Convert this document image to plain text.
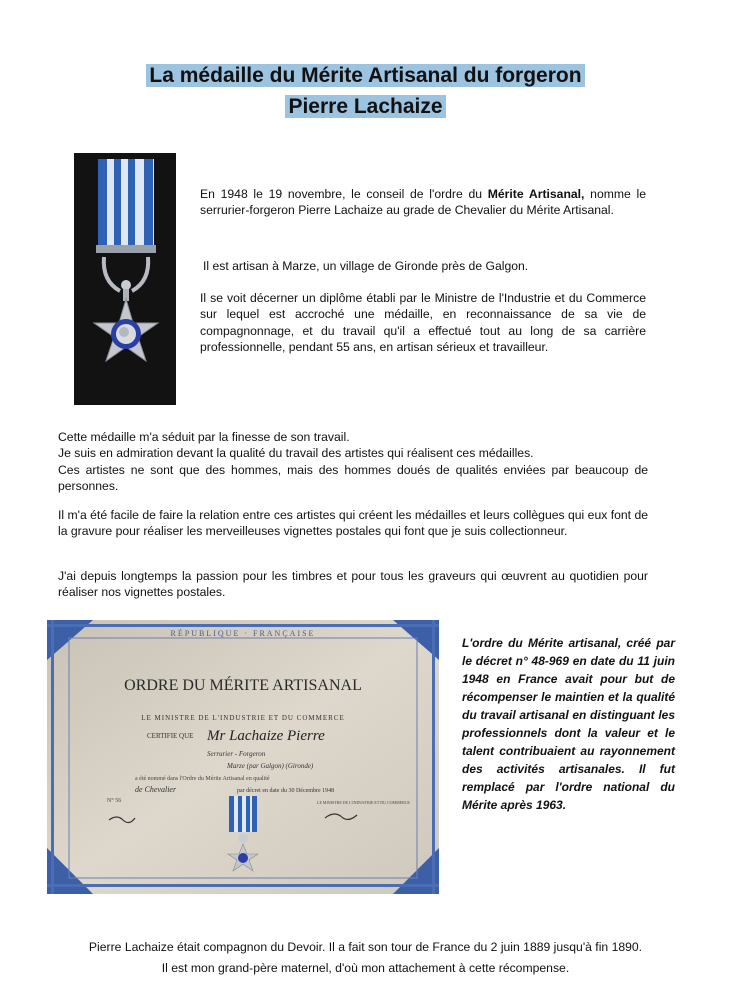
La médaille du Mérite Artisanal du forgeron
Pierre Lachaize

En 1948 le 19 novembre, le conseil de l'ordre du Mérite Artisanal, nomme le serrurier-forgeron Pierre Lachaize au grade de Chevalier du Mérite Artisanal.

Il est artisan à Marze, un village de Gironde près de Galgon.

Il se voit décerner un diplôme établi par le Ministre de l'Industrie et du Commerce sur lequel est accroché une médaille, en reconnaissance de sa vie de compagnonnage, et du travail qu'il a effectué tout au long de sa carrière professionnelle, pendant 55 ans, en artisan sérieux et travailleur.

Cette médaille m'a séduit par la finesse de son travail.

Je suis en admiration devant la qualité du travail des artistes qui réalisent ces médailles.

Ces artistes ne sont que des hommes, mais des hommes doués de qualités enviées par beaucoup de personnes.

Il m'a été facile de faire la relation entre ces artistes qui créent les médailles et leurs collègues qui eux font de la gravure pour réaliser les merveilleuses vignettes postales qui font que je suis collectionneur.

J'ai depuis longtemps la passion pour les timbres et pour tous les graveurs qui œuvrent au quotidien pour réaliser nos vignettes postales.

RÉPUBLIQUE · FRANÇAISE
ORDRE DU MÉRITE ARTISANAL
LE MINISTRE DE L'INDUSTRIE ET DU COMMERCE
CERTIFIE QUE Mr Lachaize Pierre
Serrurier - Forgeron
Marze (par Galgon) (Gironde)
a été nommé dans l'Ordre du Mérite Artisanal en qualité
de Chevalier	par décret en date du 30 Décembre 1948
N° 56	LE MINISTRE DE L'INDUSTRIE ET DU COMMERCE

L'ordre du Mérite artisanal, créé par le décret n° 48-969 en date du 11 juin 1948 en France avait pour but de récompenser le maintien et la qualité du travail artisanal en distinguant les professionnels dont la valeur et le talent contribuaient au rayonnement des activités artisanales. Il fut remplacé par l'ordre national du Mérite après 1963.

Pierre Lachaize était compagnon du Devoir. Il a fait son tour de France du 2 juin 1889 jusqu'à fin 1890.

Il est mon grand-père maternel, d'où mon attachement à cette récompense.
